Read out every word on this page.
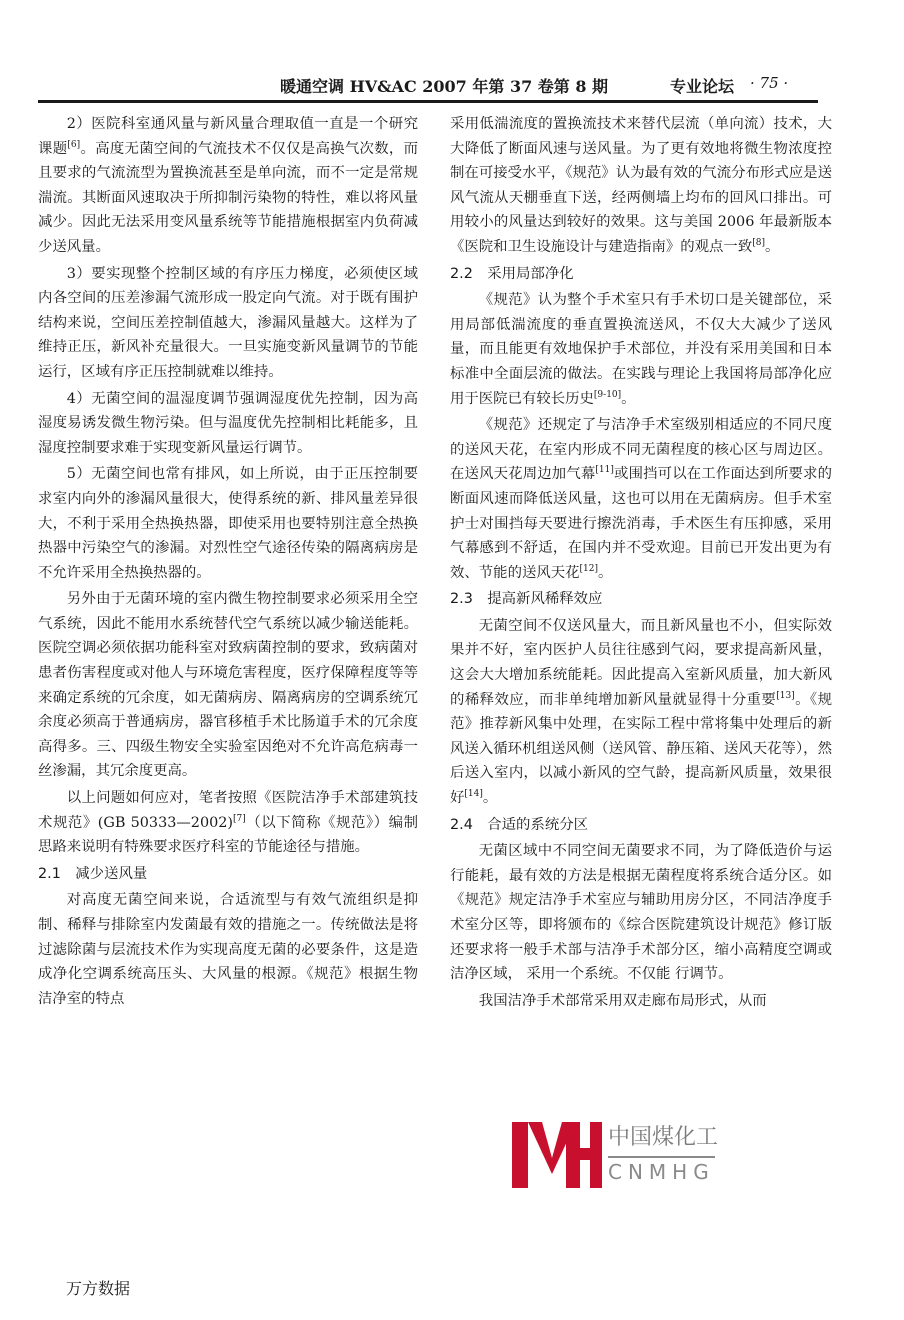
暖通空调 HV&AC 2007 年第 37 卷第 8 期	专业论坛 · 75 ·

2）医院科室通风量与新风量合理取值一直是一个研究课题[6]。高度无菌空间的气流技术不仅仅是高换气次数，而且要求的气流流型为置换流甚至是单向流，而不一定是常规湍流。其断面风速取决于所抑制污染物的特性，难以将风量减少。因此无法采用变风量系统等节能措施根据室内负荷减少送风量。

3）要实现整个控制区域的有序压力梯度，必须使区域内各空间的压差渗漏气流形成一股定向气流。对于既有围护结构来说，空间压差控制值越大，渗漏风量越大。这样为了维持正压，新风补充量很大。一旦实施变新风量调节的节能运行，区域有序正压控制就难以维持。

4）无菌空间的温湿度调节强调湿度优先控制，因为高湿度易诱发微生物污染。但与温度优先控制相比耗能多，且湿度控制要求难于实现变新风量运行调节。

5）无菌空间也常有排风，如上所说，由于正压控制要求室内向外的渗漏风量很大，使得系统的新、排风量差异很大，不利于采用全热换热器，即使采用也要特别注意全热换热器中污染空气的渗漏。对烈性空气途径传染的隔离病房是不允许采用全热换热器的。

另外由于无菌环境的室内微生物控制要求必须采用全空气系统，因此不能用水系统替代空气系统以减少输送能耗。医院空调必须依据功能科室对致病菌控制的要求，致病菌对患者伤害程度或对他人与环境危害程度，医疗保障程度等等来确定系统的冗余度，如无菌病房、隔离病房的空调系统冗余度必须高于普通病房，器官移植手术比肠道手术的冗余度高得多。三、四级生物安全实验室因绝对不允许高危病毒一丝渗漏，其冗余度更高。

以上问题如何应对，笔者按照《医院洁净手术部建筑技术规范》(GB 50333—2002)[7]（以下简称《规范》）编制思路来说明有特殊要求医疗科室的节能途径与措施。

2.1　减少送风量

对高度无菌空间来说，合适流型与有效气流组织是抑制、稀释与排除室内发菌最有效的措施之一。传统做法是将过滤除菌与层流技术作为实现高度无菌的必要条件，这是造成净化空调系统高压头、大风量的根源。《规范》根据生物洁净室的特点

采用低湍流度的置换流技术来替代层流（单向流）技术，大大降低了断面风速与送风量。为了更有效地将微生物浓度控制在可接受水平，《规范》认为最有效的气流分布形式应是送风气流从天棚垂直下送，经两侧墙上均布的回风口排出。可用较小的风量达到较好的效果。这与美国 2006 年最新版本《医院和卫生设施设计与建造指南》的观点一致[8]。

2.2　采用局部净化

《规范》认为整个手术室只有手术切口是关键部位，采用局部低湍流度的垂直置换流送风，不仅大大减少了送风量，而且能更有效地保护手术部位，并没有采用美国和日本标准中全面层流的做法。在实践与理论上我国将局部净化应用于医院已有较长历史[9-10]。

《规范》还规定了与洁净手术室级别相适应的不同尺度的送风天花，在室内形成不同无菌程度的核心区与周边区。在送风天花周边加气幕[11]或围挡可以在工作面达到所要求的断面风速而降低送风量，这也可以用在无菌病房。但手术室护士对围挡每天要进行擦洗消毒，手术医生有压抑感，采用气幕感到不舒适，在国内并不受欢迎。目前已开发出更为有效、节能的送风天花[12]。

2.3　提高新风稀释效应

无菌空间不仅送风量大，而且新风量也不小，但实际效果并不好，室内医护人员往往感到气闷，要求提高新风量，这会大大增加系统能耗。因此提高入室新风质量，加大新风的稀释效应，而非单纯增加新风量就显得十分重要[13]。《规范》推荐新风集中处理，在实际工程中常将集中处理后的新风送入循环机组送风侧（送风管、静压箱、送风天花等），然后送入室内，以减小新风的空气龄，提高新风质量，效果很好[14]。

2.4　合适的系统分区

无菌区域中不同空间无菌要求不同，为了降低造价与运行能耗，最有效的方法是根据无菌程度将系统合适分区。如《规范》规定洁净手术室应与辅助用房分区，不同洁净度手术室分区等，即将颁布的《综合医院建筑设计规范》修订版还要求将一般手术部与洁净手术部分区，缩小高精度空调或洁净区域， 采用一个系统。不仅能 行调节。

我国洁净手术部常采用双走廊布局形式，从而

中国煤化工
CNMHG
万方数据
